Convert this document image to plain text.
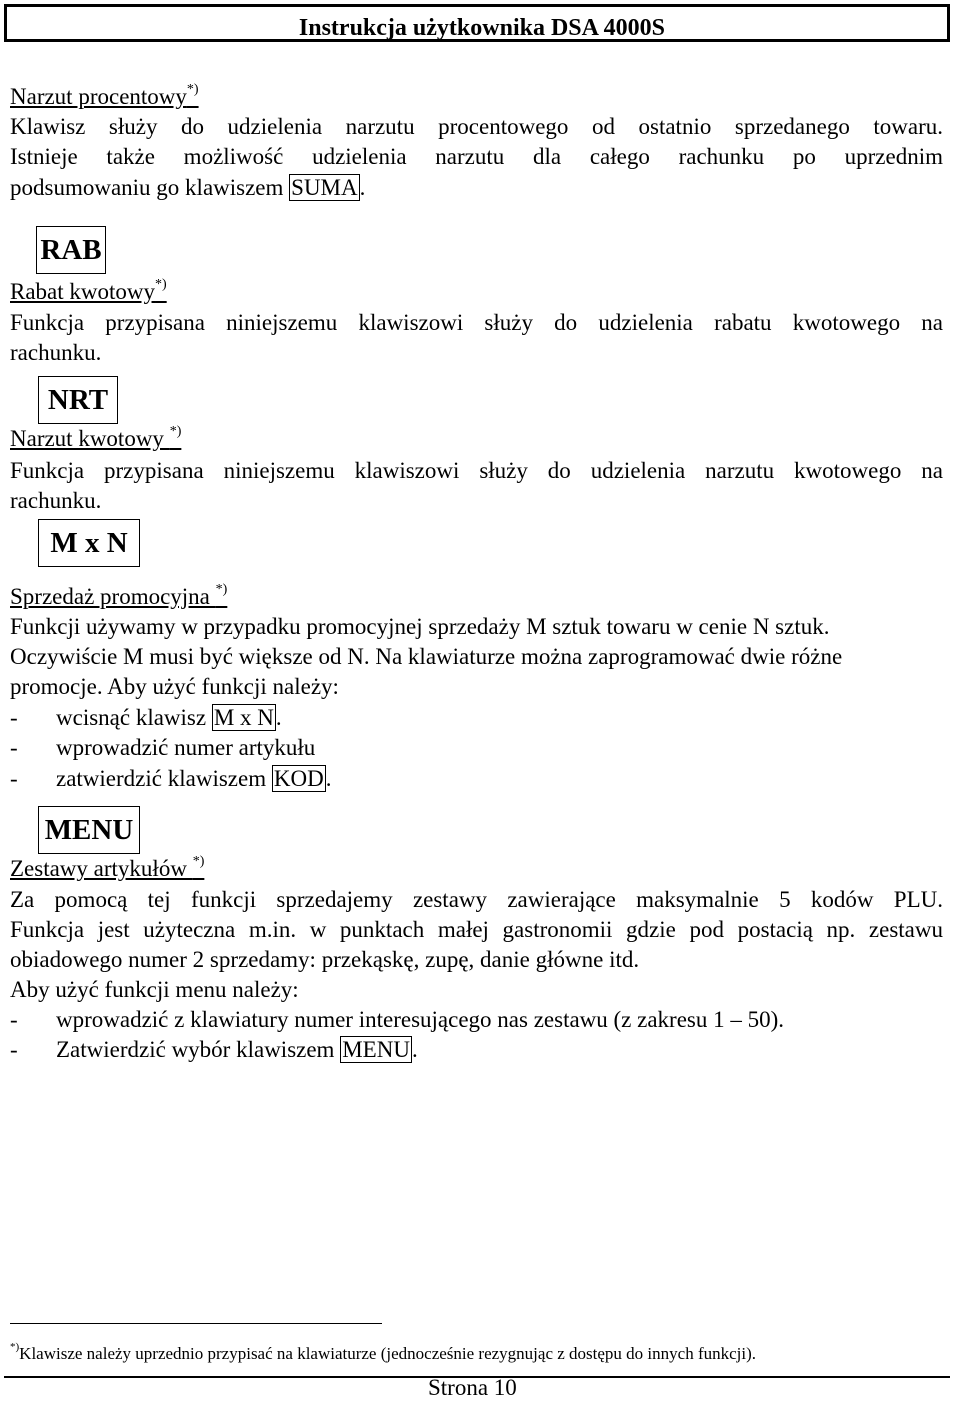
Instrukcja użytkownika DSA 4000S
Narzut procentowy*)
Klawisz służy do udzielenia narzutu procentowego od ostatnio sprzedanego towaru.
Istnieje także możliwość udzielenia narzutu dla całego rachunku po uprzednim
podsumowaniu go klawiszem SUMA.
RAB
Rabat kwotowy*)
Funkcja przypisana niniejszemu klawiszowi służy do udzielenia rabatu kwotowego na
rachunku.
NRT
Narzut kwotowy *)
Funkcja przypisana niniejszemu klawiszowi służy do udzielenia narzutu kwotowego na
rachunku.
M x N
Sprzedaż promocyjna *)
Funkcji używamy w przypadku promocyjnej sprzedaży M sztuk towaru w cenie N sztuk.
Oczywiście M musi być większe od N. Na klawiaturze można zaprogramować dwie różne
promocje. Aby użyć funkcji należy:
- wcisnąć klawisz M x N.
- wprowadzić numer artykułu
- zatwierdzić klawiszem KOD.
MENU
Zestawy artykułów *)
Za pomocą tej funkcji sprzedajemy zestawy zawierające maksymalnie 5 kodów PLU.
Funkcja jest użyteczna m.in. w punktach małej gastronomii gdzie pod postacią np. zestawu
obiadowego numer 2 sprzedamy: przekąskę, zupę, danie główne itd.
Aby użyć funkcji menu należy:
- wprowadzić z klawiatury numer interesującego nas zestawu (z zakresu 1 – 50).
- Zatwierdzić wybór klawiszem MENU.
*)Klawisze należy uprzednio przypisać na klawiaturze (jednocześnie rezygnując z dostępu do innych funkcji).
Strona 10
